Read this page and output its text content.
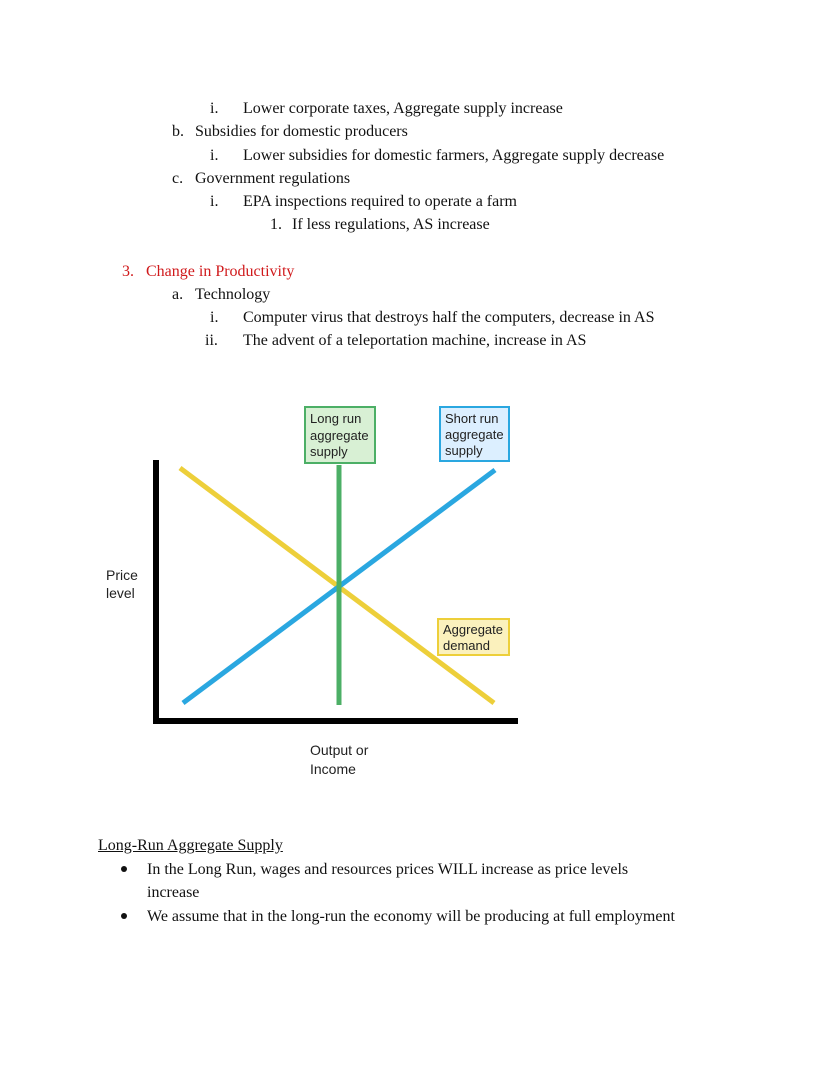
i. Lower corporate taxes, Aggregate supply increase
b. Subsidies for domestic producers
i. Lower subsidies for domestic farmers, Aggregate supply decrease
c. Government regulations
i. EPA inspections required to operate a farm
1. If less regulations, AS increase
3. Change in Productivity
a. Technology
i. Computer virus that destroys half the computers, decrease in AS
ii. The advent of a teleportation machine, increase in AS
Price
level
Output or
Income
Long run
aggregate
supply
Short run
aggregate
supply
Aggregate
demand
Long-Run Aggregate Supply
In the Long Run, wages and resources prices WILL increase as price levels
increase
We assume that in the long-run the economy will be producing at full employment
